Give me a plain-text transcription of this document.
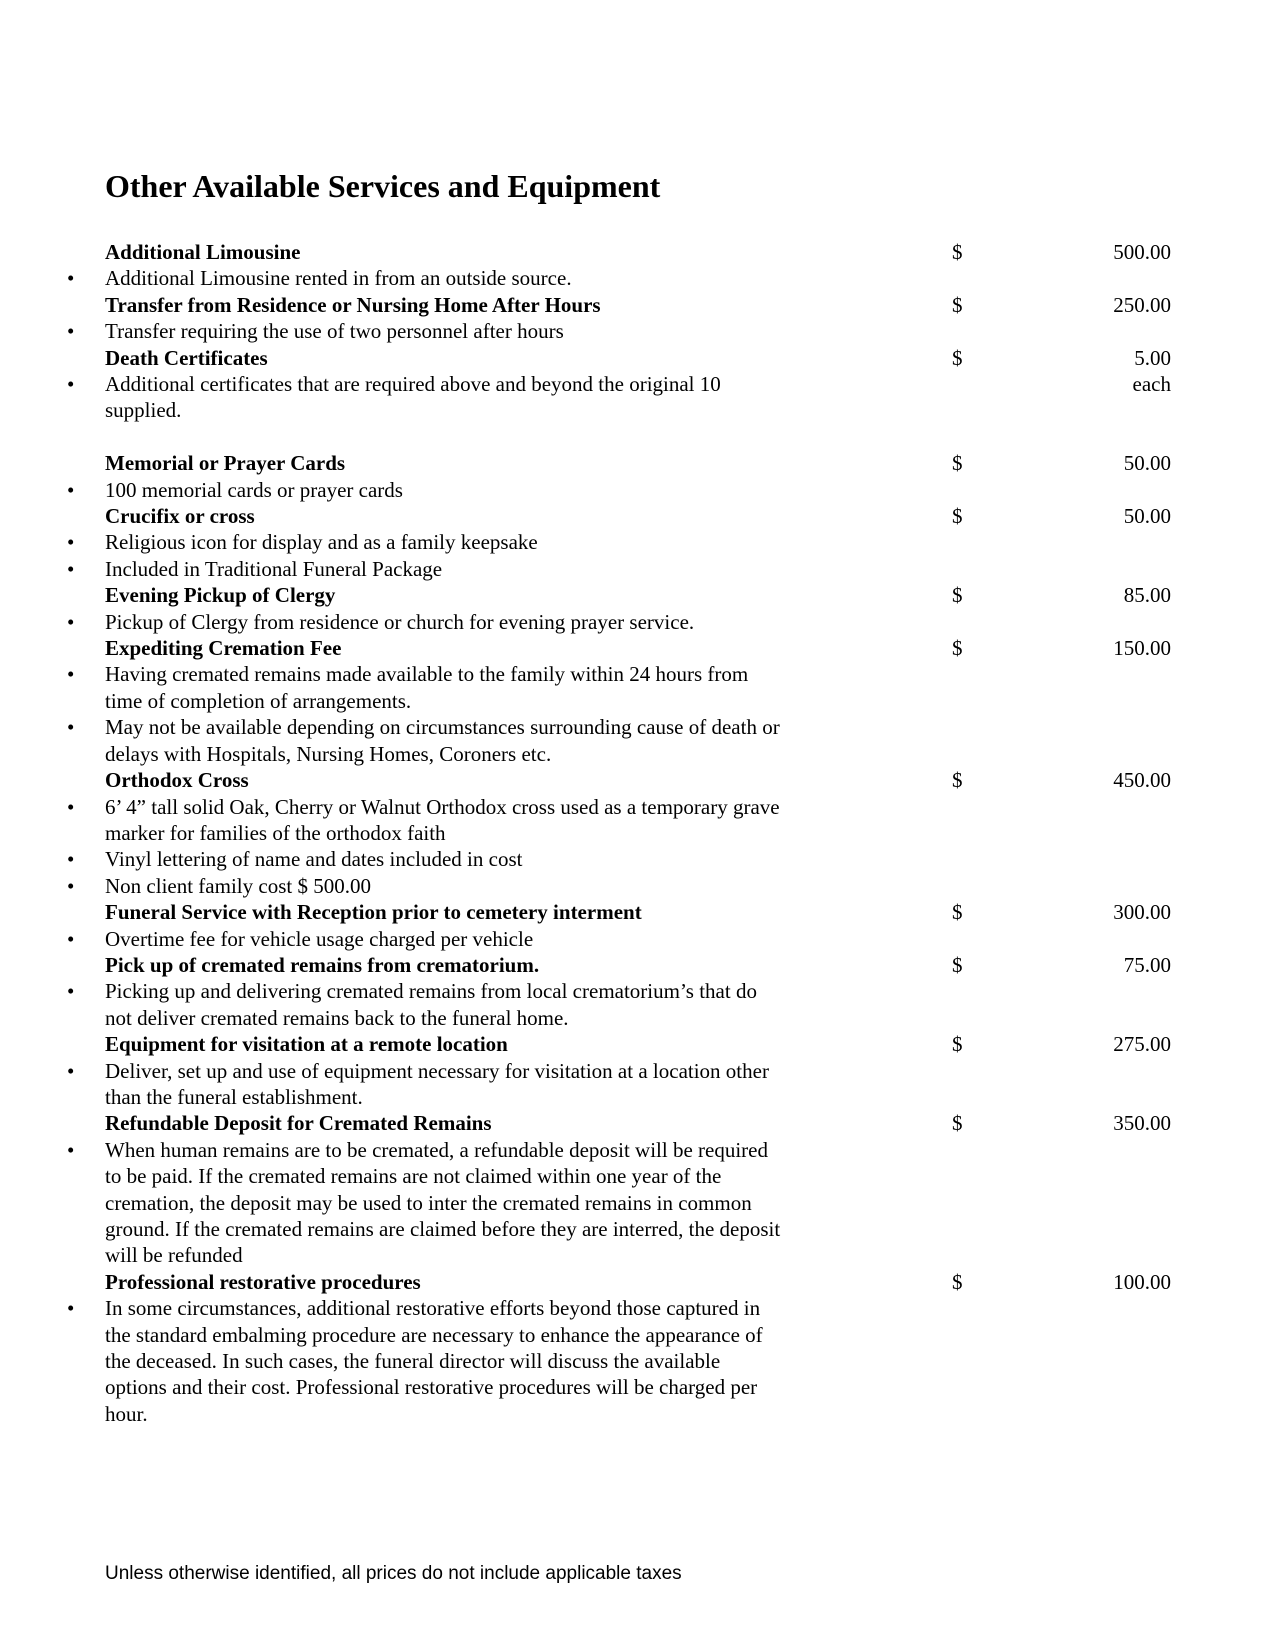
Other Available Services and Equipment
Additional Limousine	$	500.00
• Additional Limousine rented in from an outside source.
Transfer from Residence or Nursing Home After Hours	$	250.00
• Transfer requiring the use of two personnel after hours
Death Certificates	$	5.00
each
• Additional certificates that are required above and beyond the original 10 supplied.
Memorial or Prayer Cards	$	50.00
• 100 memorial cards or prayer cards
Crucifix or cross	$	50.00
• Religious icon for display and as a family keepsake
• Included in Traditional Funeral Package
Evening Pickup of Clergy	$	85.00
• Pickup of Clergy from residence or church for evening prayer service.
Expediting Cremation Fee	$	150.00
• Having cremated remains made available to the family within 24 hours from time of completion of arrangements.
• May not be available depending on circumstances surrounding cause of death or delays with Hospitals, Nursing Homes, Coroners etc.
Orthodox Cross	$	450.00
• 6’ 4” tall solid Oak, Cherry or Walnut Orthodox cross used as a temporary grave marker for families of the orthodox faith
• Vinyl lettering of name and dates included in cost
• Non client family cost $ 500.00
Funeral Service with Reception prior to cemetery interment	$	300.00
• Overtime fee for vehicle usage charged per vehicle
Pick up of cremated remains from crematorium.	$	75.00
• Picking up and delivering cremated remains from local crematorium’s that do not deliver cremated remains back to the funeral home.
Equipment for visitation at a remote location	$	275.00
• Deliver, set up and use of equipment necessary for visitation at a location other than the funeral establishment.
Refundable Deposit for Cremated Remains	$	350.00
• When human remains are to be cremated, a refundable deposit will be required to be paid. If the cremated remains are not claimed within one year of the cremation, the deposit may be used to inter the cremated remains in common ground. If the cremated remains are claimed before they are interred, the deposit will be refunded
Professional restorative procedures	$	100.00
• In some circumstances, additional restorative efforts beyond those captured in the standard embalming procedure are necessary to enhance the appearance of the deceased. In such cases, the funeral director will discuss the available options and their cost. Professional restorative procedures will be charged per hour.

Unless otherwise identified, all prices do not include applicable taxes
